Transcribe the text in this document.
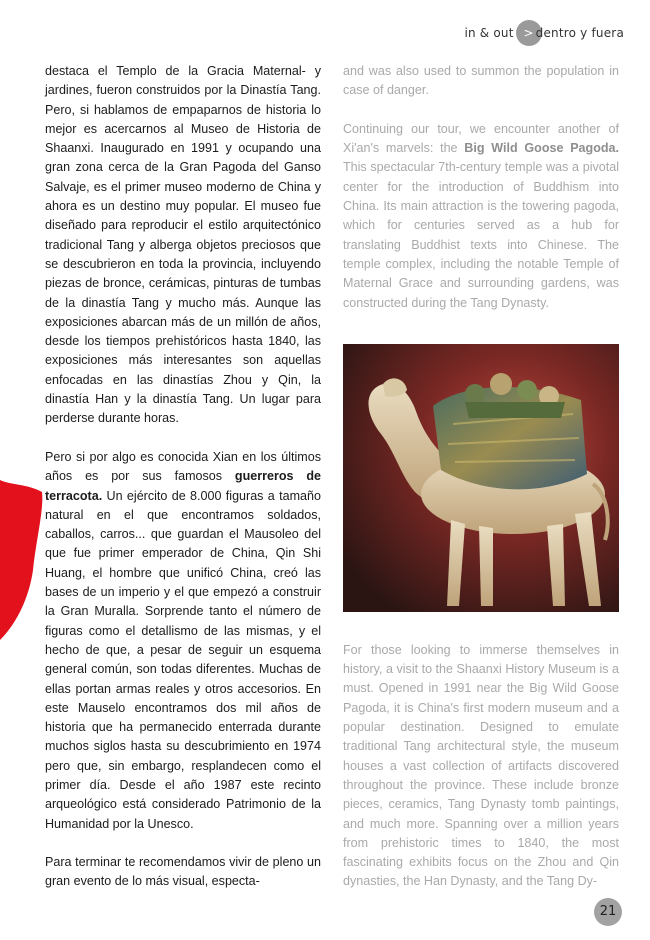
in & out > dentro y fuera

destaca el Templo de la Gracia Maternal- y jardines, fueron construidos por la Dinastía Tang. Pero, si hablamos de empaparnos de historia lo mejor es acercarnos al Museo de Historia de Shaanxi. Inaugurado en 1991 y ocupando una gran zona cerca de la Gran Pagoda del Ganso Salvaje, es el primer museo moderno de China y ahora es un destino muy popular. El museo fue diseñado para reproducir el estilo arquitectónico tradicional Tang y alberga objetos preciosos que se descubrieron en toda la provincia, incluyendo piezas de bronce, cerámicas, pinturas de tumbas de la dinastía Tang y mucho más. Aunque las exposiciones abarcan más de un millón de años, desde los tiempos prehistóricos hasta 1840, las exposiciones más interesantes son aquellas enfocadas en las dinastías Zhou y Qin, la dinastía Han y la dinastía Tang. Un lugar para perderse durante horas.

Pero si por algo es conocida Xian en los últimos años es por sus famosos guerreros de terracota. Un ejército de 8.000 figuras a tamaño natural en el que encontramos soldados, caballos, carros... que guardan el Mausoleo del que fue primer emperador de China, Qin Shi Huang, el hombre que unificó China, creó las bases de un imperio y el que empezó a construir la Gran Muralla. Sorprende tanto el número de figuras como el detallismo de las mismas, y el hecho de que, a pesar de seguir un esquema general común, son todas diferentes. Muchas de ellas portan armas reales y otros accesorios. En este Mauselo encontramos dos mil años de historia que ha permanecido enterrada durante muchos siglos hasta su descubrimiento en 1974 pero que, sin embargo, resplandecen como el primer día. Desde el año 1987 este recinto arqueológico está considerado Patrimonio de la Humanidad por la Unesco.

Para terminar te recomendamos vivir de pleno un gran evento de lo más visual, especta-

and was also used to summon the population in case of danger.

Continuing our tour, we encounter another of Xi'an's marvels: the Big Wild Goose Pagoda. This spectacular 7th-century temple was a pivotal center for the introduction of Buddhism into China. Its main attraction is the towering pagoda, which for centuries served as a hub for translating Buddhist texts into Chinese. The temple complex, including the notable Temple of Maternal Grace and surrounding gardens, was constructed during the Tang Dynasty.

For those looking to immerse themselves in history, a visit to the Shaanxi History Museum is a must. Opened in 1991 near the Big Wild Goose Pagoda, it is China's first modern museum and a popular destination. Designed to emulate traditional Tang architectural style, the museum houses a vast collection of artifacts discovered throughout the province. These include bronze pieces, ceramics, Tang Dynasty tomb paintings, and much more. Spanning over a million years from prehistoric times to 1840, the most fascinating exhibits focus on the Zhou and Qin dynasties, the Han Dynasty, and the Tang Dy-

21
